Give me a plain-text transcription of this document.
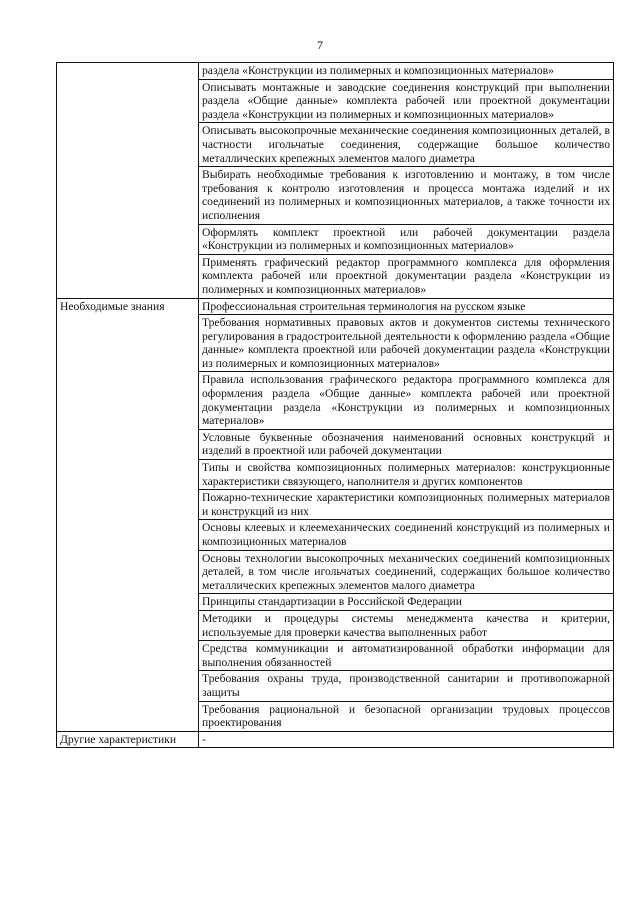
7

	раздела «Конструкции из полимерных и композиционных материалов»

	Описывать монтажные и заводские соединения конструкций при выполнении раздела «Общие данные» комплекта рабочей или проектной документации раздела «Конструкции из полимерных и композиционных материалов»

	Описывать высокопрочные механические соединения композиционных деталей, в частности игольчатые соединения, содержащие большое количество металлических крепежных элементов малого диаметра

	Выбирать необходимые требования к изготовлению и монтажу, в том числе требования к контролю изготовления и процесса монтажа изделий и их соединений из полимерных и композиционных материалов, а также точности их исполнения

	Оформлять комплект проектной или рабочей документации раздела «Конструкции из полимерных и композиционных материалов»

	Применять графический редактор программного комплекса для оформления комплекта рабочей или проектной документации раздела «Конструкции из полимерных и композиционных материалов»

Необходимые знания	Профессиональная строительная терминология на русском языке

	Требования нормативных правовых актов и документов системы технического регулирования в градостроительной деятельности к оформлению раздела «Общие данные» комплекта проектной или рабочей документации раздела «Конструкции из полимерных и композиционных материалов»

	Правила использования графического редактора программного комплекса для оформления раздела «Общие данные» комплекта рабочей или проектной документации раздела «Конструкции из полимерных и композиционных материалов»

	Условные буквенные обозначения наименований основных конструкций и изделий в проектной или рабочей документации

	Типы и свойства композиционных полимерных материалов: конструкционные характеристики связующего, наполнителя и других компонентов

	Пожарно-технические характеристики композиционных полимерных материалов и конструкций из них

	Основы клеевых и клеемеханических соединений конструкций из полимерных и композиционных материалов

	Основы технологии высокопрочных механических соединений композиционных деталей, в том числе игольчатых соединений, содержащих большое количество металлических крепежных элементов малого диаметра

	Принципы стандартизации в Российской Федерации

	Методики и процедуры системы менеджмента качества и критерии, используемые для проверки качества выполненных работ

	Средства коммуникации и автоматизированной обработки информации для выполнения обязанностей

	Требования охраны труда, производственной санитарии и противопожарной защиты

	Требования рациональной и безопасной организации трудовых процессов проектирования

Другие характеристики	-
